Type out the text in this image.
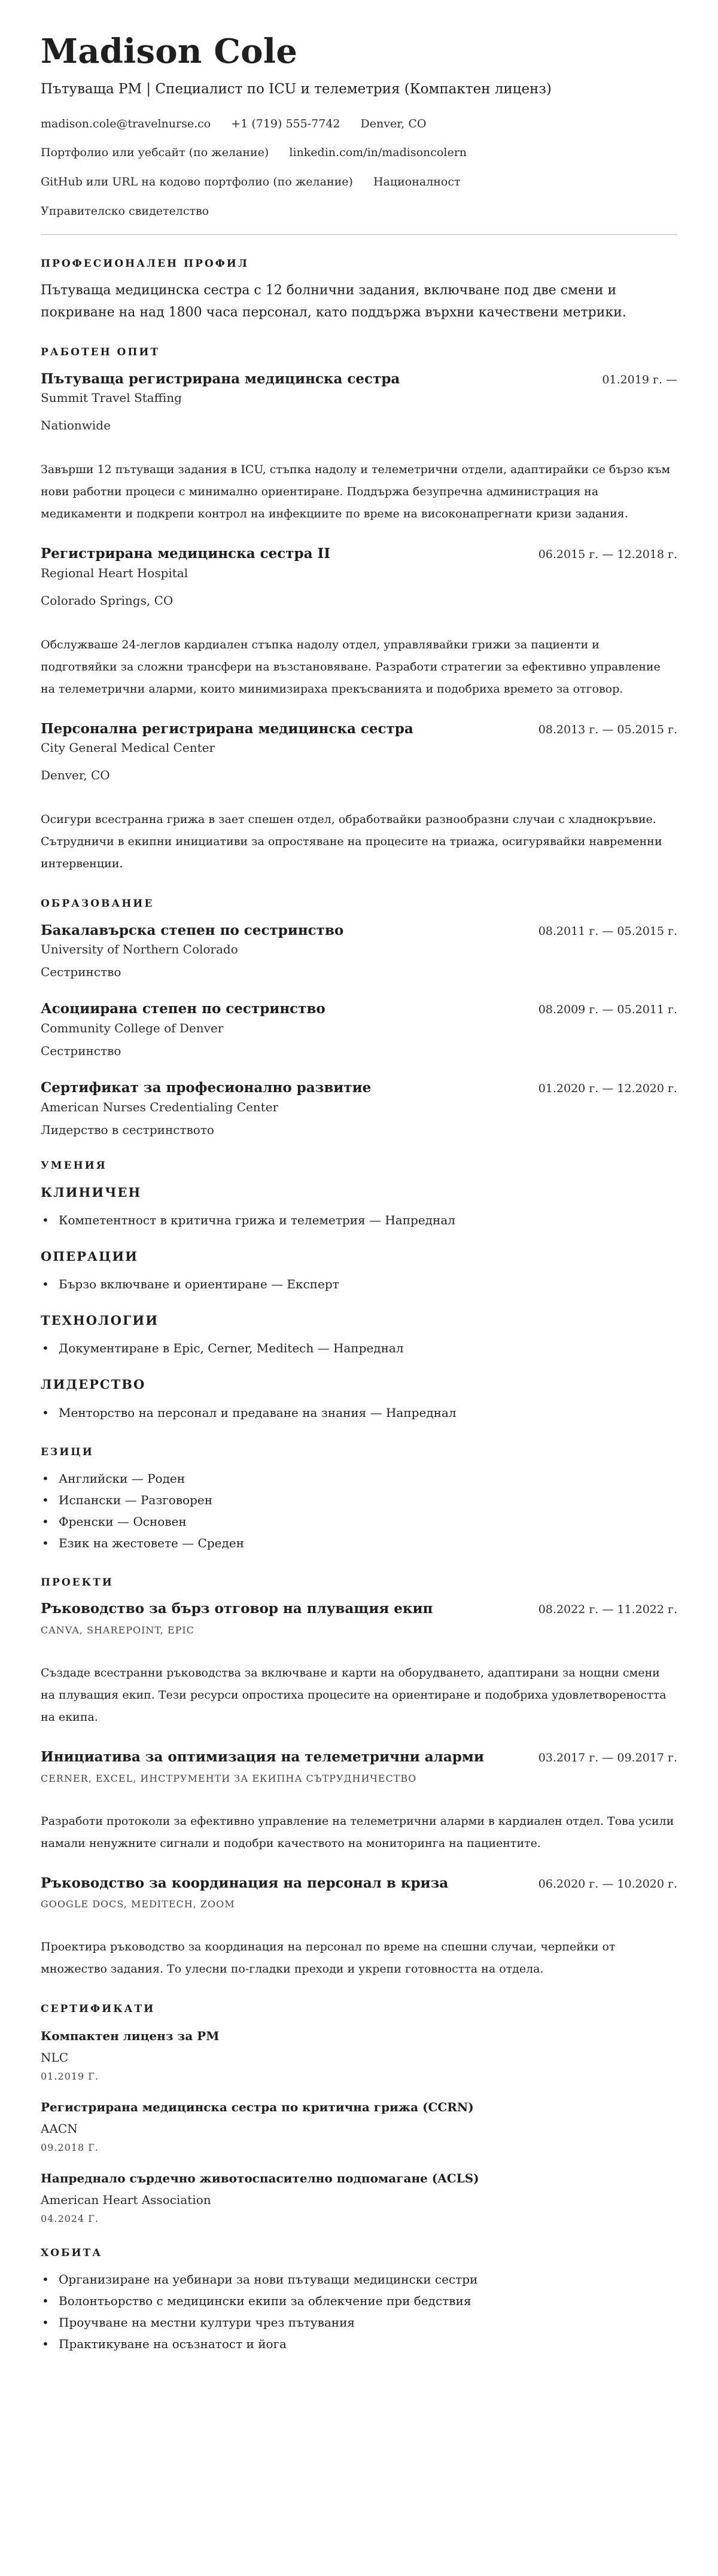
Madison Cole
Пътуваща PM | Специалист по ICU и телеметрия (Компактен лиценз)
madison.cole@travelnurse.co +1 (719) 555-7742 Denver, CO
Портфолио или уебсайт (по желание) linkedin.com/in/madisoncolern
GitHub или URL на кодово портфолио (по желание) Националност
Управителско свидетелство
ПРОФЕСИОНАЛЕН ПРОФИЛ

Пътуваща медицинска сестра с 12 болнични задания, включване под две смени и покриване на над 1800 часа персонал, като поддържа върхни качествени метрики.

РАБОТЕН ОПИТ
Пътуваща регистрирана медицинска сестра	01.2019 г. —
Summit Travel Staffing
Nationwide
Завърши 12 пътуващи задания в ICU, стъпка надолу и телеметрични отдели, адаптирайки се бързо към нови работни процеси с минимално ориентиране. Поддържа безупречна администрация на медикаменти и подкрепи контрол на инфекциите по време на високонапрегнати кризи задания.
Регистрирана медицинска сестра II	06.2015 г. — 12.2018 г.
Regional Heart Hospital
Colorado Springs, CO
Обслужваше 24-леглов кардиален стъпка надолу отдел, управлявайки грижи за пациенти и подготвяйки за сложни трансфери на възстановяване. Разработи стратегии за ефективно управление на телеметрични аларми, които минимизираха прекъсванията и подобриха времето за отговор.
Персонална регистрирана медицинска сестра	08.2013 г. — 05.2015 г.
City General Medical Center
Denver, CO
Осигури всестранна грижа в зает спешен отдел, обработвайки разнообразни случаи с хладнокръвие. Сътрудничи в екипни инициативи за опростяване на процесите на триажа, осигурявайки навременни интервенции.
ОБРАЗОВАНИЕ
Бакалавърска степен по сестринство	08.2011 г. — 05.2015 г.
University of Northern Colorado
Сестринство
Асоциирана степен по сестринство	08.2009 г. — 05.2011 г.
Community College of Denver
Сестринство
Сертификат за професионално развитие	01.2020 г. — 12.2020 г.
American Nurses Credentialing Center
Лидерство в сестринството
УМЕНИЯ
КЛИНИЧЕН
• Компетентност в критична грижа и телеметрия — Напреднал
ОПЕРАЦИИ
• Бързо включване и ориентиране — Експерт
ТЕХНОЛОГИИ
• Документиране в Epic, Cerner, Meditech — Напреднал
ЛИДЕРСТВО
• Менторство на персонал и предаване на знания — Напреднал
ЕЗИЦИ
• Английски — Роден
• Испански — Разговорен
• Френски — Основен
• Език на жестовете — Среден
ПРОЕКТИ
Ръководство за бърз отговор на плуващия екип	08.2022 г. — 11.2022 г.
CANVA, SHAREPOINT, EPIC
Създаде всестранни ръководства за включване и карти на оборудването, адаптирани за нощни смени на плуващия екип. Тези ресурси опростиха процесите на ориентиране и подобриха удовлетвореността на екипа.
Инициатива за оптимизация на телеметрични аларми	03.2017 г. — 09.2017 г.
CERNER, EXCEL, ИНСТРУМЕНТИ ЗА ЕКИПНА СЪТРУДНИЧЕСТВО
Разработи протоколи за ефективно управление на телеметрични аларми в кардиален отдел. Това усили намали ненужните сигнали и подобри качеството на мониторинга на пациентите.
Ръководство за координация на персонал в криза	06.2020 г. — 10.2020 г.
GOOGLE DOCS, MEDITECH, ZOOM
Проектира ръководство за координация на персонал по време на спешни случаи, черпейки от множество задания. То улесни по-гладки преходи и укрепи готовността на отдела.
СЕРТИФИКАТИ
Компактен лиценз за PM
NLC
01.2019 Г.
Регистрирана медицинска сестра по критична грижа (CCRN)
AACN
09.2018 Г.
Напреднало сърдечно животоспасително подпомагане (ACLS)
American Heart Association
04.2024 Г.
ХОБИТА
• Организиране на уебинари за нови пътуващи медицински сестри
• Волонтьорство с медицински екипи за облекчение при бедствия
• Проучване на местни култури чрез пътувания
• Практикуване на осъзнатост и йога
